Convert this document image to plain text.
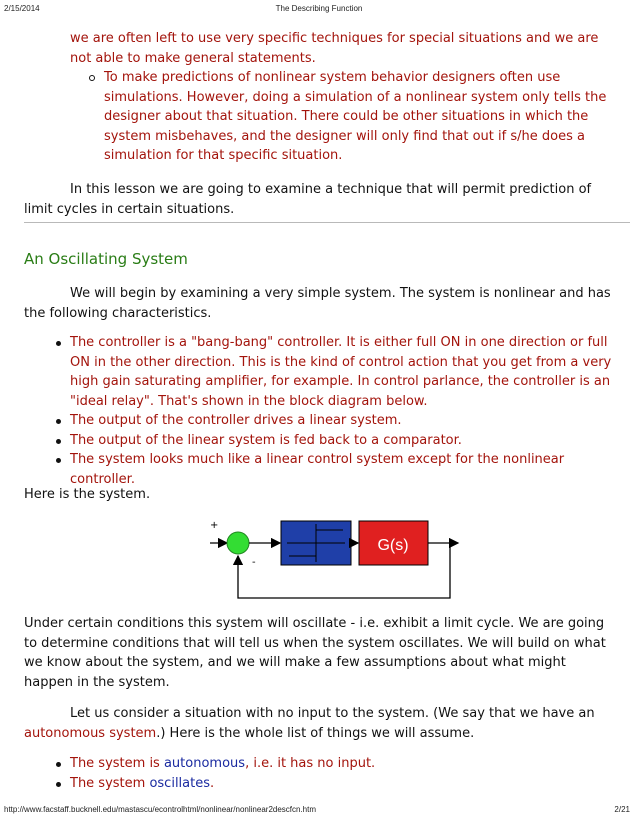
2/15/2014	The Describing Function
we are often left to use very specific techniques for special situations and we are not able to make general statements.
To make predictions of nonlinear system behavior designers often use simulations. However, doing a simulation of a nonlinear system only tells the designer about that situation. There could be other situations in which the system misbehaves, and the designer will only find that out if s/he does a simulation for that specific situation.
In this lesson we are going to examine a technique that will permit prediction of limit cycles in certain situations.
An Oscillating System
We will begin by examining a very simple system. The system is nonlinear and has the following characteristics.
The controller is a "bang-bang" controller. It is either full ON in one direction or full ON in the other direction. This is the kind of control action that you get from a very high gain saturating amplifier, for example. In control parlance, the controller is an "ideal relay". That's shown in the block diagram below.
The output of the controller drives a linear system.
The output of the linear system is fed back to a comparator.
The system looks much like a linear control system except for the nonlinear controller.
Here is the system.
+
-
G(s)
Under certain conditions this system will oscillate - i.e. exhibit a limit cycle. We are going to determine conditions that will tell us when the system oscillates. We will build on what we know about the system, and we will make a few assumptions about what might happen in the system.
Let us consider a situation with no input to the system. (We say that we have an autonomous system.) Here is the whole list of things we will assume.
The system is autonomous, i.e. it has no input.
The system oscillates.
http://www.facstaff.bucknell.edu/mastascu/econtrolhtml/nonlinear/nonlinear2descfcn.htm	2/21
